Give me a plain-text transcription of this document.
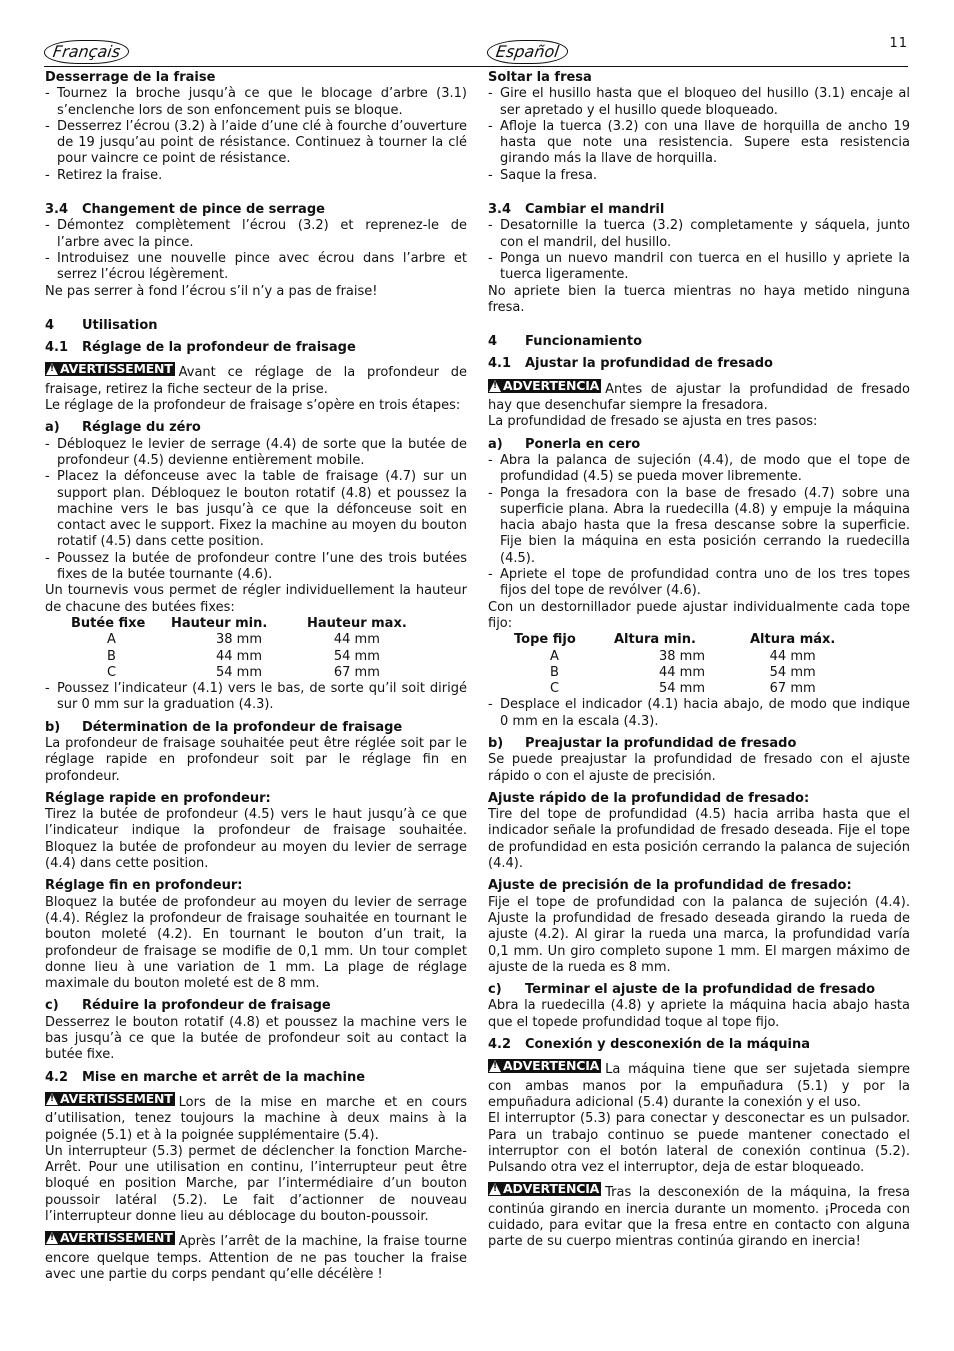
Français	Español	11

Desserrage de la fraise

- Tournez la broche jusqu’à ce que le blocage d’arbre (3.1) s’enclenche lors de son enfoncement puis se bloque.
- Desserrez l’écrou (3.2) à l’aide d’une clé à fourche d’ouverture de 19 jusqu’au point de résistance. Continuez à tourner la clé pour vaincre ce point de résistance.
- Retirez la fraise.

3.4 Changement de pince de serrage

- Démontez complètement l’écrou (3.2) et reprenez-le de l’arbre avec la pince.
- Introduisez une nouvelle pince avec écrou dans l’arbre et serrez l’écrou légèrement.

Ne pas serrer à fond l’écrou s’il n’y a pas de fraise!

4 Utilisation

4.1 Réglage de la profondeur de fraisage

!
AVERTISSEMENT Avant ce réglage de la profondeur de fraisage, retirez la fiche secteur de la prise.

Le réglage de la profondeur de fraisage s’opère en trois étapes:

a) Réglage du zéro

- Débloquez le levier de serrage (4.4) de sorte que la butée de profondeur (4.5) devienne entièrement mobile.
- Placez la défonceuse avec la table de fraisage (4.7) sur un support plan. Débloquez le bouton rotatif (4.8) et poussez la machine vers le bas jusqu’à ce que la défonceuse soit en contact avec le support. Fixez la machine au moyen du bouton rotatif (4.5) dans cette position.
- Poussez la butée de profondeur contre l’une des trois butées fixes de la butée tournante (4.6).

Un tournevis vous permet de régler individuellement la hauteur de chacune des butées fixes:

Butée fixe	Hauteur min.	Hauteur max.
A	38 mm	44 mm
B	44 mm	54 mm
C	54 mm	67 mm
- Poussez l’indicateur (4.1) vers le bas, de sorte qu’il soit dirigé sur 0 mm sur la graduation (4.3).

b) Détermination de la profondeur de fraisage

La profondeur de fraisage souhaitée peut être réglée soit par le réglage rapide en profondeur soit par le réglage fin en profondeur.

Réglage rapide en profondeur:

Tirez la butée de profondeur (4.5) vers le haut jusqu’à ce que l’indicateur indique la profondeur de fraisage souhaitée. Bloquez la butée de profondeur au moyen du levier de serrage (4.4) dans cette position.

Réglage fin en profondeur:

Bloquez la butée de profondeur au moyen du levier de serrage (4.4). Réglez la profondeur de fraisage souhaitée en tournant le bouton moleté (4.2). En tournant le bouton d’un trait, la profondeur de fraisage se modifie de 0,1 mm. Un tour complet donne lieu à une variation de 1 mm. La plage de réglage maximale du bouton moleté est de 8 mm.

c) Réduire la profondeur de fraisage

Desserrez le bouton rotatif (4.8) et poussez la machine vers le bas jusqu’à ce que la butée de profondeur soit au contact la butée fixe.

4.2 Mise en marche et arrêt de la machine

!
AVERTISSEMENT Lors de la mise en marche et en cours d’utilisation, tenez toujours la machine à deux mains à la poignée (5.1) et à la poignée supplémentaire (5.4).

Un interrupteur (5.3) permet de déclencher la fonction Marche-Arrêt. Pour une utilisation en continu, l’interrupteur peut être bloqué en position Marche, par l’intermédiaire d’un bouton poussoir latéral (5.2). Le fait d’actionner de nouveau l’interrupteur donne lieu au déblocage du bouton-poussoir.

!
AVERTISSEMENT Après l’arrêt de la machine, la fraise tourne encore quelque temps. Attention de ne pas toucher la fraise avec une partie du corps pendant qu’elle décélère !

Soltar la fresa

- Gire el husillo hasta que el bloqueo del husillo (3.1) encaje al ser apretado y el husillo quede bloqueado.
- Afloje la tuerca (3.2) con una llave de horquilla de ancho 19 hasta que note una resistencia. Supere esta resistencia girando más la llave de horquilla.
- Saque la fresa.

3.4 Cambiar el mandril

- Desatornille la tuerca (3.2) completamente y sáquela, junto con el mandril, del husillo.
- Ponga un nuevo mandril con tuerca en el husillo y apriete la tuerca ligeramente.

No apriete bien la tuerca mientras no haya metido ninguna fresa.

4 Funcionamiento

4.1 Ajustar la profundidad de fresado

!
ADVERTENCIA Antes de ajustar la profundidad de fresado hay que desenchufar siempre la fresadora.

La profundidad de fresado se ajusta en tres pasos:

a) Ponerla en cero

- Abra la palanca de sujeción (4.4), de modo que el tope de profundidad (4.5) se pueda mover libremente.
- Ponga la fresadora con la base de fresado (4.7) sobre una superficie plana. Abra la ruedecilla (4.8) y empuje la máquina hacia abajo hasta que la fresa descanse sobre la superficie. Fije bien la máquina en esta posición cerrando la ruedecilla (4.5).
- Apriete el tope de profundidad contra uno de los tres topes fijos del tope de revólver (4.6).

Con un destornillador puede ajustar individualmente cada tope fijo:

Tope fijo	Altura min.	Altura máx.
A	38 mm	44 mm
B	44 mm	54 mm
C	54 mm	67 mm
- Desplace el indicador (4.1) hacia abajo, de modo que indique 0 mm en la escala (4.3).

b) Preajustar la profundidad de fresado

Se puede preajustar la profundidad de fresado con el ajuste rápido o con el ajuste de precisión.

Ajuste rápido de la profundidad de fresado:

Tire del tope de profundidad (4.5) hacia arriba hasta que el indicador señale la profundidad de fresado deseada. Fije el tope de profundidad en esta posición cerrando la palanca de sujeción (4.4).

Ajuste de precisión de la profundidad de fresado:

Fije el tope de profundidad con la palanca de sujeción (4.4). Ajuste la profundidad de fresado deseada girando la rueda de ajuste (4.2). Al girar la rueda una marca, la profundidad varía 0,1 mm. Un giro completo supone 1 mm. El margen máximo de ajuste de la rueda es 8 mm.

c) Terminar el ajuste de la profundidad de fresado

Abra la ruedecilla (4.8) y apriete la máquina hacia abajo hasta que el topede profundidad toque al tope fijo.

4.2 Conexión y desconexión de la máquina

!
ADVERTENCIA La máquina tiene que ser sujetada siempre con ambas manos por la empuñadura (5.1) y por la empuñadura adicional (5.4) durante la conexión y el uso.

El interruptor (5.3) para conectar y desconectar es un pulsador. Para un trabajo continuo se puede mantener conectado el interruptor con el botón lateral de conexión continua (5.2). Pulsando otra vez el interruptor, deja de estar bloqueado.

!
ADVERTENCIA Tras la desconexión de la máquina, la fresa continúa girando en inercia durante un momento. ¡Proceda con cuidado, para evitar que la fresa entre en contacto con alguna parte de su cuerpo mientras continúa girando en inercia!
